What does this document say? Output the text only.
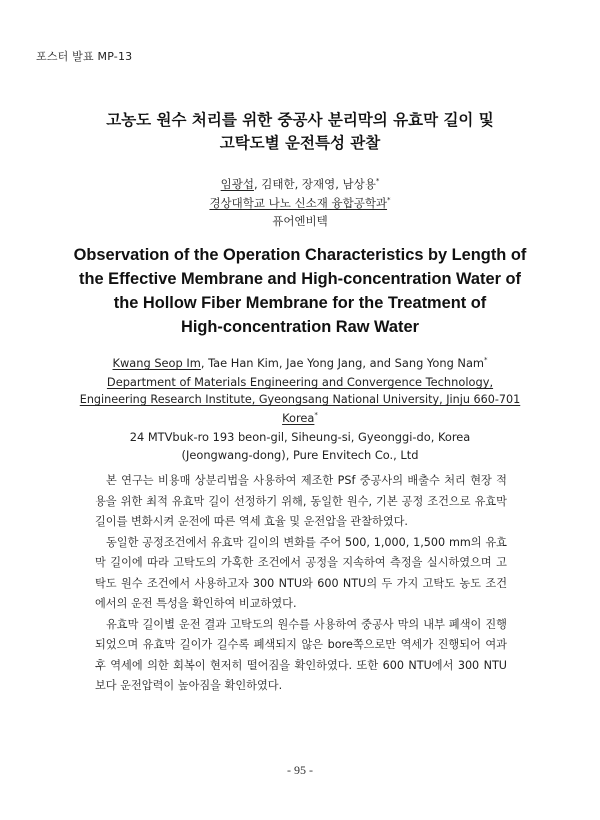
포스터 발표 MP-13
고농도 원수 처리를 위한 중공사 분리막의 유효막 길이 및
고탁도별 운전특성 관찰
임광섭, 김태한, 장재영, 남상용*
경상대학교 나노 신소재 융합공학과*
퓨어엔비텍
Observation of the Operation Characteristics by Length of
the Effective Membrane and High-concentration Water of
the Hollow Fiber Membrane for the Treatment of
High-concentration Raw Water
Kwang Seop Im, Tae Han Kim, Jae Yong Jang, and Sang Yong Nam*
Department of Materials Engineering and Convergence Technology,
Engineering Research Institute, Gyeongsang National University, Jinju 660-701
Korea*
24 MTVbuk-ro 193 beon-gil, Siheung-si, Gyeonggi-do, Korea
(Jeongwang-dong), Pure Envitech Co., Ltd

본 연구는 비용매 상분리법을 사용하여 제조한 PSf 중공사의 배출수 처리 현장 적용을 위한 최적 유효막 길이 선정하기 위해, 동일한 원수, 기본 공정 조건으로 유효막 길이를 변화시켜 운전에 따른 역세 효율 및 운전압을 관찰하였다.

동일한 공정조건에서 유효막 길이의 변화를 주어 500, 1,000, 1,500 mm의 유효막 길이에 따라 고탁도의 가혹한 조건에서 공정을 지속하여 측정을 실시하였으며 고탁도 원수 조건에서 사용하고자 300 NTU와 600 NTU의 두 가지 고탁도 농도 조건에서의 운전 특성을 확인하여 비교하였다.

유효막 길이별 운전 결과 고탁도의 원수를 사용하여 중공사 막의 내부 폐색이 진행되었으며 유효막 길이가 길수록 폐색되지 않은 bore쪽으로만 역세가 진행되어 여과 후 역세에 의한 회복이 현저히 떨어짐을 확인하였다. 또한 600 NTU에서 300 NTU보다 운전압력이 높아짐을 확인하였다.

- 95 -
